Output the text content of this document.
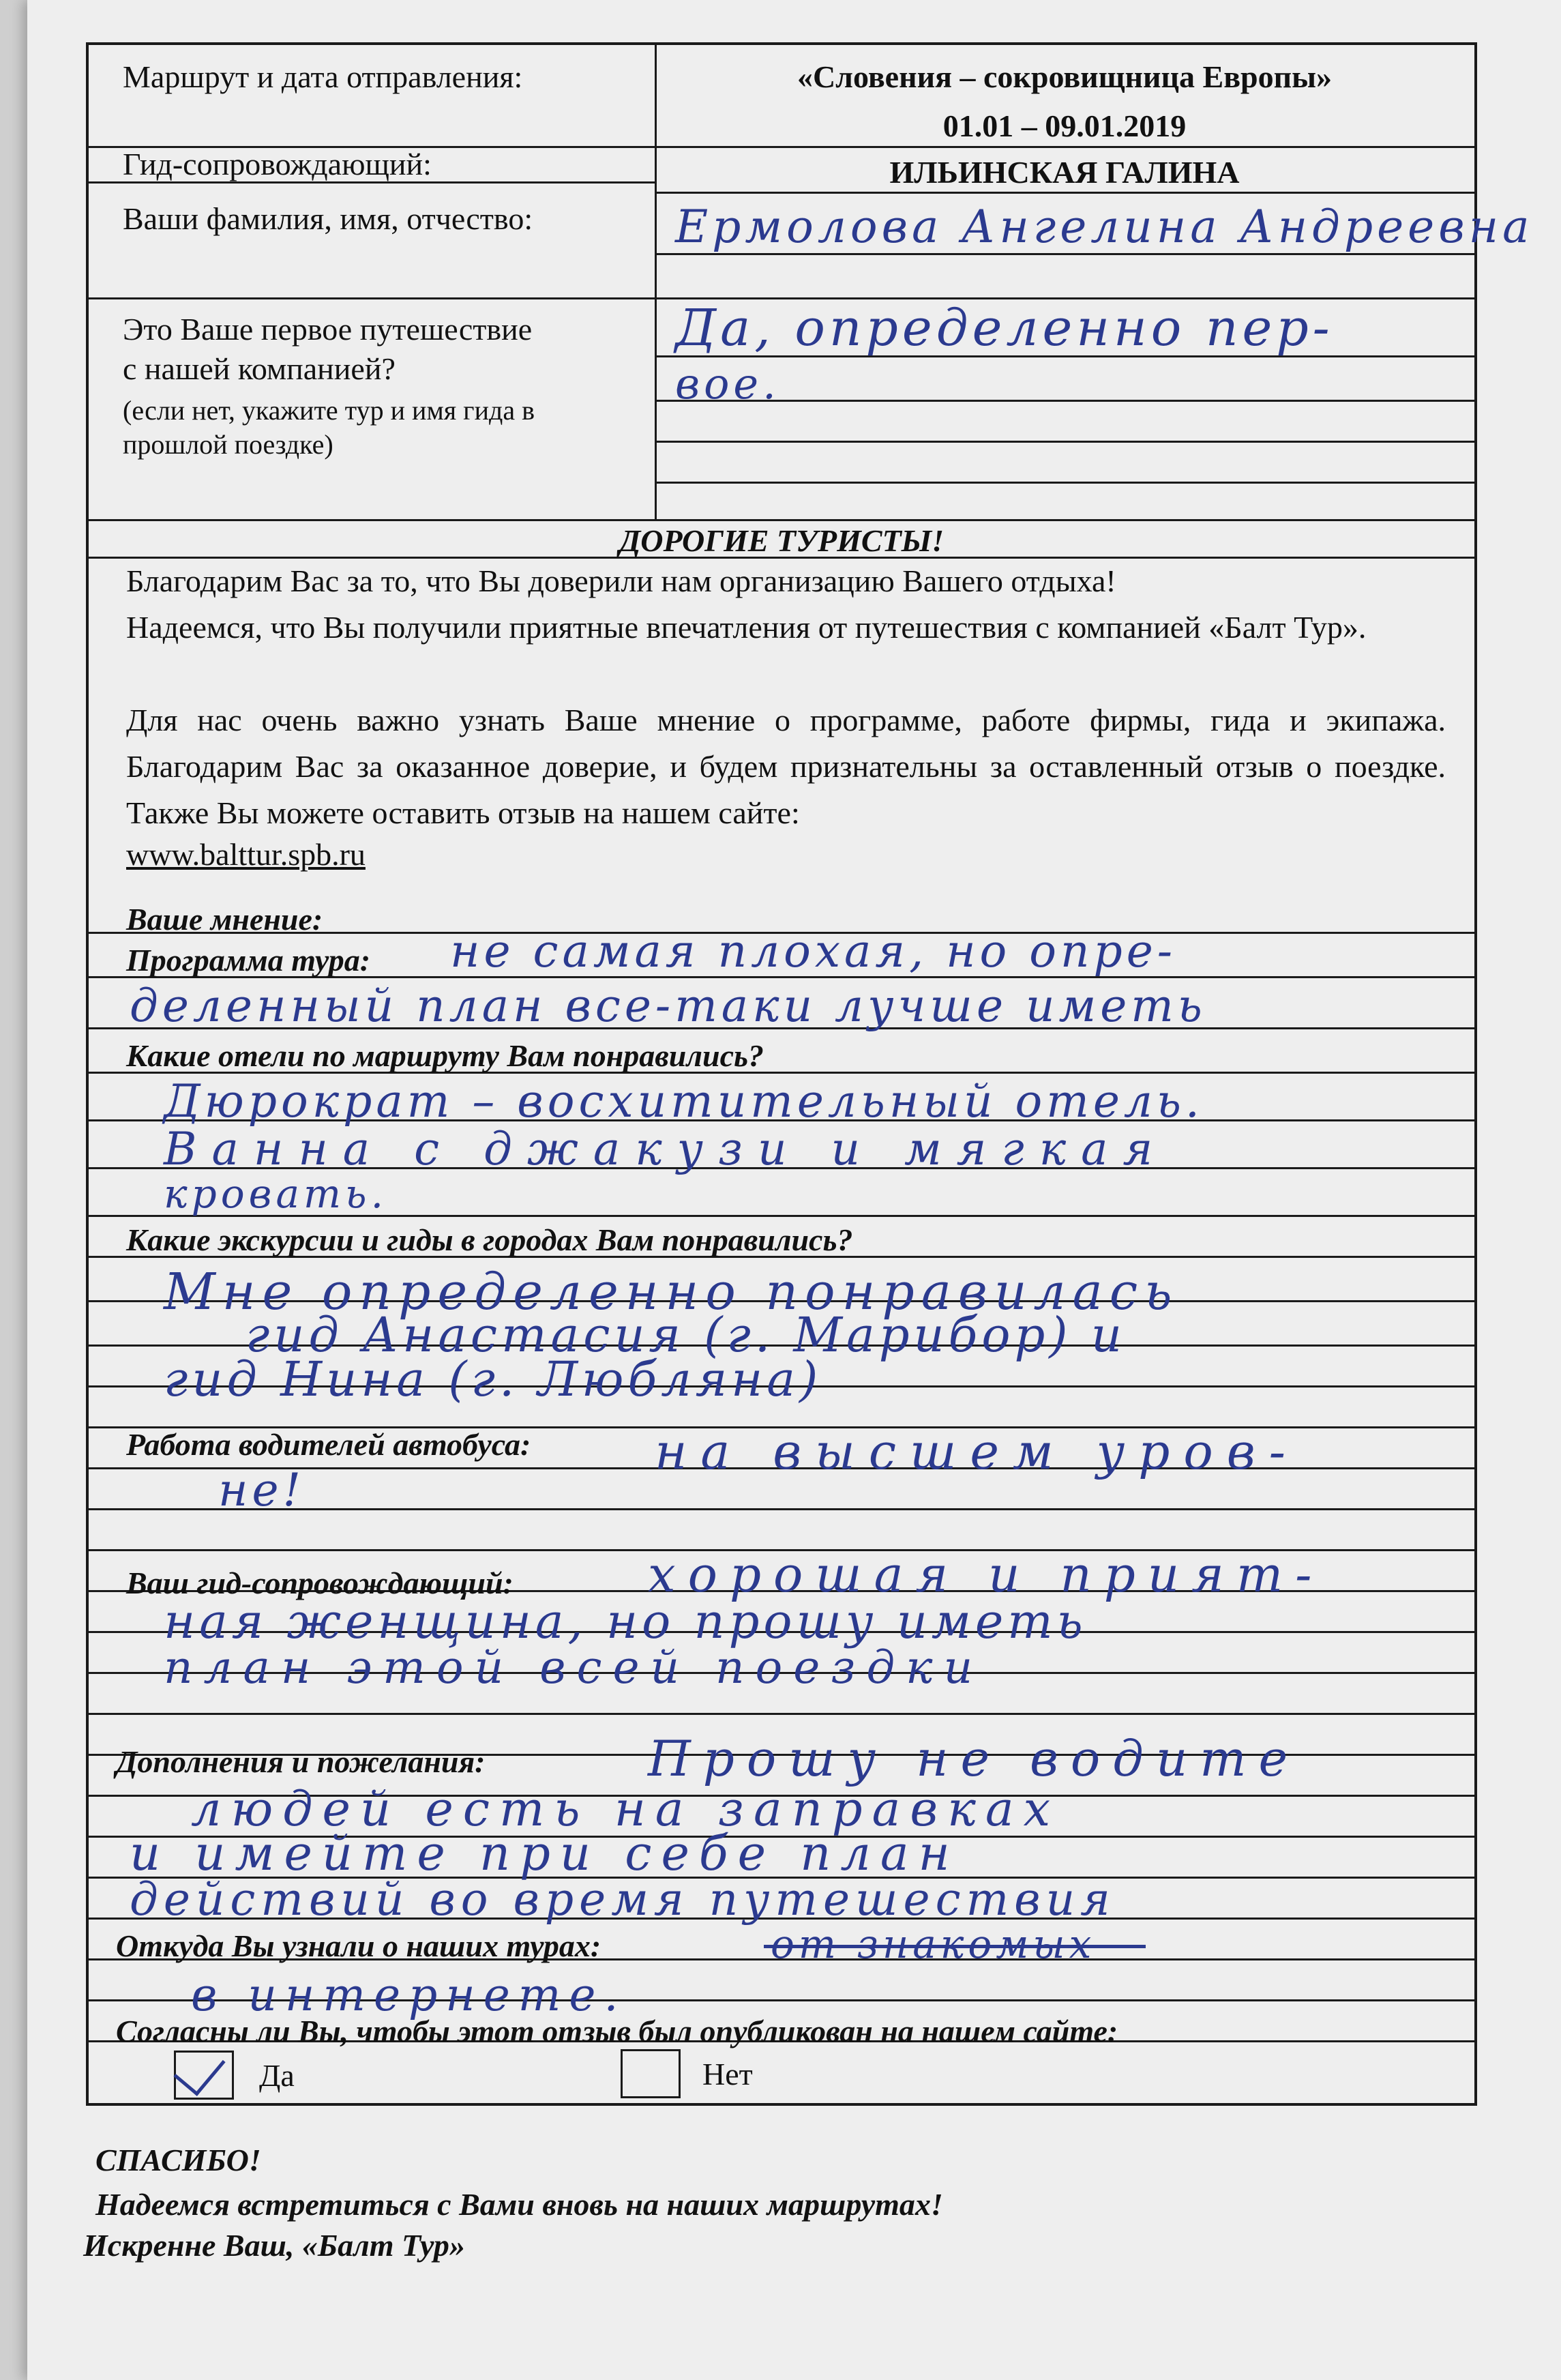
Маршрут и дата отправления:	«Словения – сокровищница Европы»
01.01 – 09.01.2019
Гид-сопровождающий:	ИЛЬИНСКАЯ ГАЛИНА
Ваши фамилия, имя, отчество:	Ермолова Ангелина Андреевна
Это Ваше первое путешествие
с нашей компанией?
(если нет, укажите тур и имя гида в
прошлой поездке)
Да, определенно пер-
вое.
ДОРОГИЕ ТУРИСТЫ!
Благодарим Вас за то, что Вы доверили нам организацию Вашего отдыха!
Надеемся, что Вы получили приятные впечатления от путешествия с компанией «Балт Тур».
Для нас очень важно узнать Ваше мнение о программе, работе фирмы, гида и экипажа. Благодарим Вас за оказанное доверие, и будем признательны за оставленный отзыв о поездке. Также Вы можете оставить отзыв на нашем сайте:
www.balttur.spb.ru
Ваше мнение:
Программа тура: не самая плохая, но опре-
деленный план все-таки лучше иметь
Какие отели по маршруту Вам понравились?
Дюрократ – восхитительный отель.
Ванна с джакузи и мягкая
кровать.
Какие экскурсии и гиды в городах Вам понравились?
Мне определенно понравилась
гид Анастасия (г. Марибор) и
гид Нина (г. Любляна)
Работа водителей автобуса:	на высшем уров-
не!
Ваш гид-сопровождающий:	хорошая и прият-
ная женщина, но прошу иметь
план этой всей поездки
Дополнения и пожелания:	Прошу не водите
людей есть на заправках
и имейте при себе план
действий во время путешествия
Откуда Вы узнали о наших турах:	от знакомых
в интернете.
Согласны ли Вы, чтобы этот отзыв был опубликован на нашем сайте:
Да	Нет
СПАСИБО!
Надеемся встретиться с Вами вновь на наших маршрутах!
Искренне Ваш, «Балт Тур»
